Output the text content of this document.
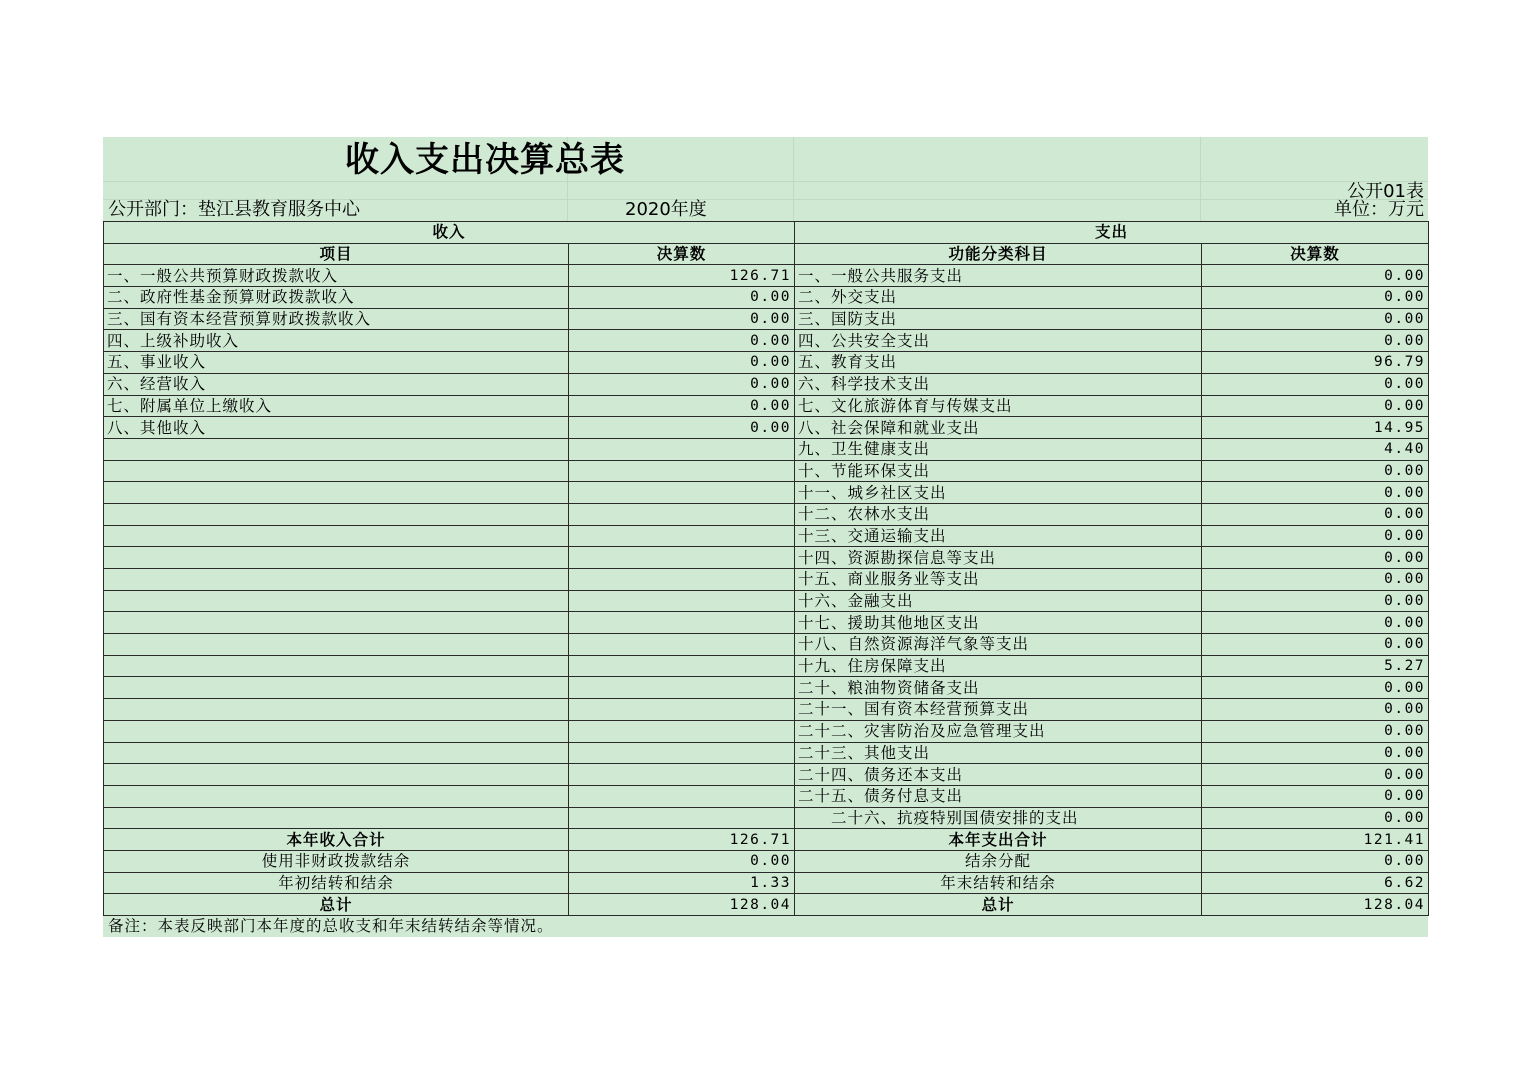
收入支出决算总表
公开01表
公开部门：垫江县教育服务中心	2020年度	单位：万元
收入		支出	
项目	决算数	功能分类科目	决算数
一、一般公共预算财政拨款收入	126.71	一、一般公共服务支出	0.00
二、政府性基金预算财政拨款收入	0.00	二、外交支出	0.00
三、国有资本经营预算财政拨款收入	0.00	三、国防支出	0.00
四、上级补助收入	0.00	四、公共安全支出	0.00
五、事业收入	0.00	五、教育支出	96.79
六、经营收入	0.00	六、科学技术支出	0.00
七、附属单位上缴收入	0.00	七、文化旅游体育与传媒支出	0.00
八、其他收入	0.00	八、社会保障和就业支出	14.95
		九、卫生健康支出	4.40
		十、节能环保支出	0.00
		十一、城乡社区支出	0.00
		十二、农林水支出	0.00
		十三、交通运输支出	0.00
		十四、资源勘探信息等支出	0.00
		十五、商业服务业等支出	0.00
		十六、金融支出	0.00
		十七、援助其他地区支出	0.00
		十八、自然资源海洋气象等支出	0.00
		十九、住房保障支出	5.27
		二十、粮油物资储备支出	0.00
		二十一、国有资本经营预算支出	0.00
		二十二、灾害防治及应急管理支出	0.00
		二十三、其他支出	0.00
		二十四、债务还本支出	0.00
		二十五、债务付息支出	0.00
		二十六、抗疫特别国债安排的支出	0.00
本年收入合计	126.71	本年支出合计	121.41
使用非财政拨款结余	0.00	结余分配	0.00
年初结转和结余	1.33	年末结转和结余	6.62
总计	128.04	总计	128.04
备注：本表反映部门本年度的总收支和年末结转结余等情况。
